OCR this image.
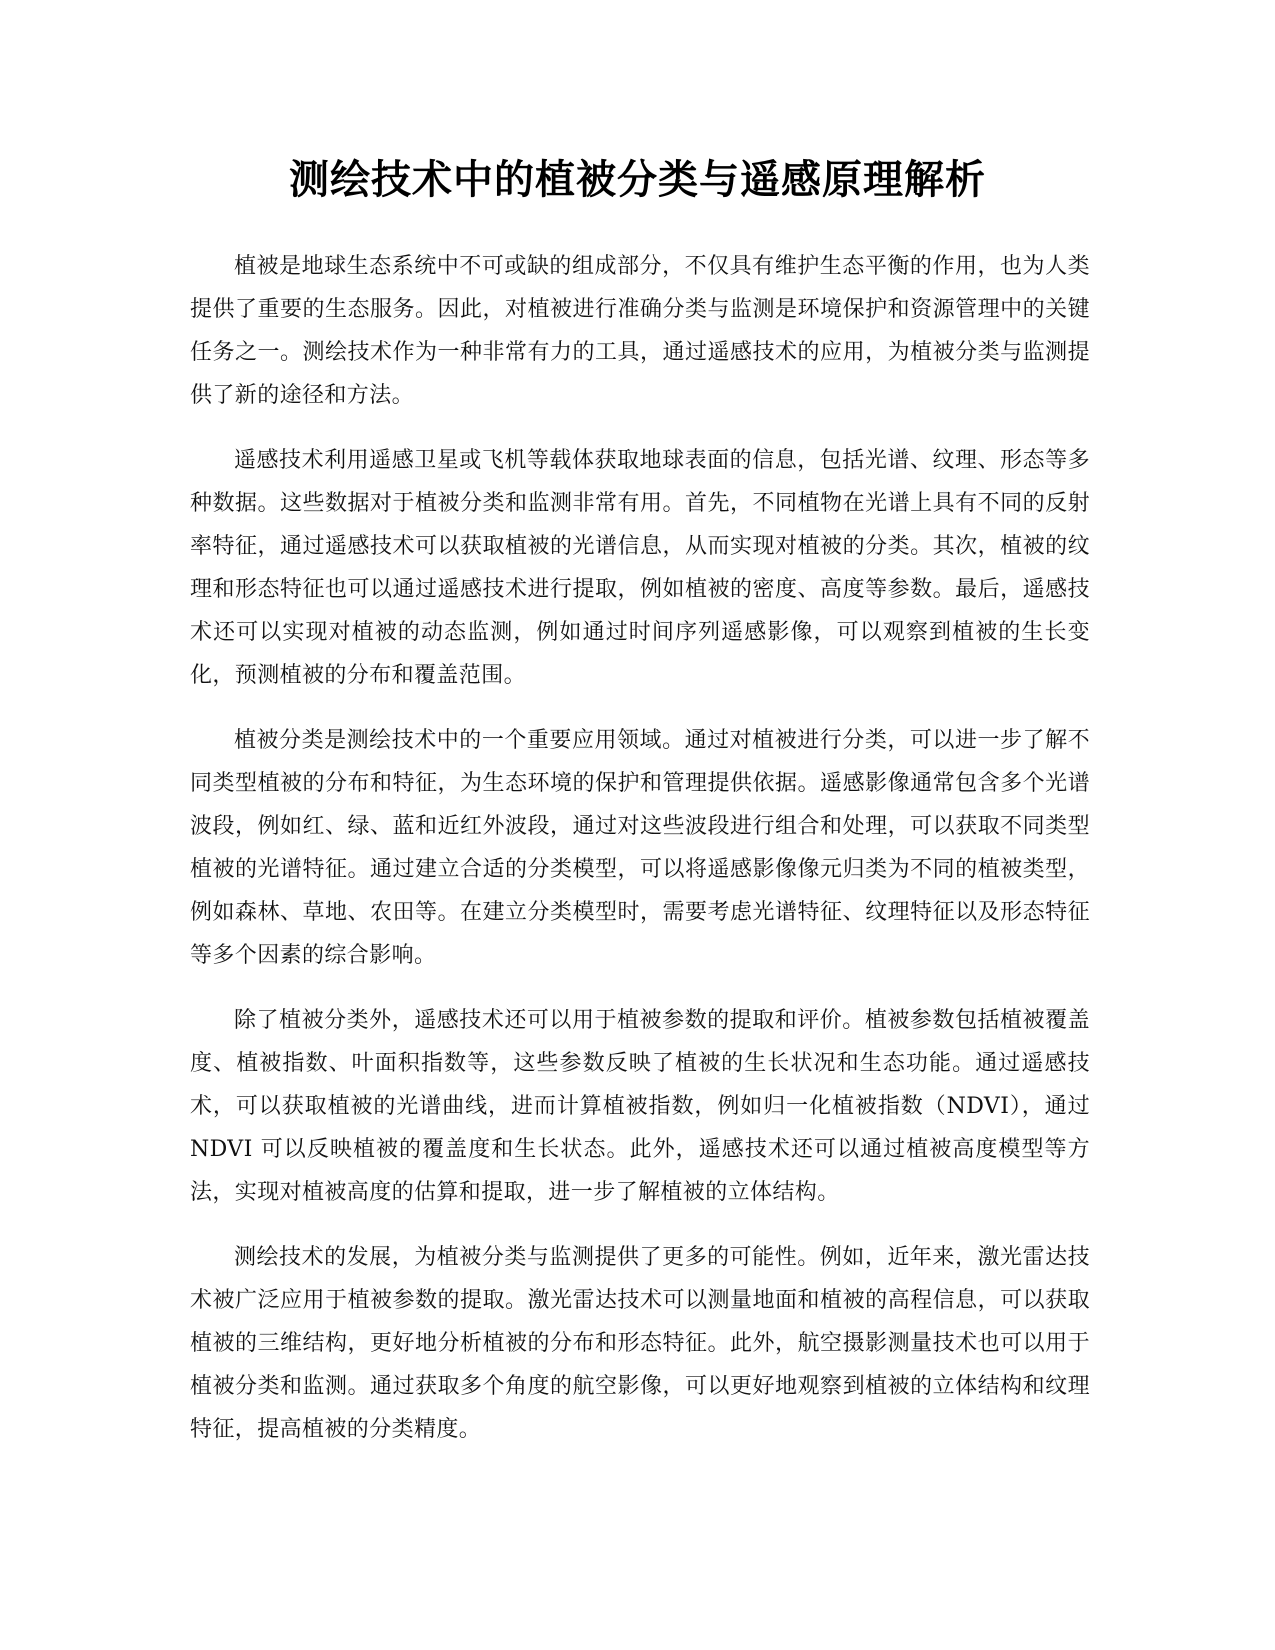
测绘技术中的植被分类与遥感原理解析

植被是地球生态系统中不可或缺的组成部分，不仅具有维护生态平衡的作用，也为人类提供了重要的生态服务。因此，对植被进行准确分类与监测是环境保护和资源管理中的关键任务之一。测绘技术作为一种非常有力的工具，通过遥感技术的应用，为植被分类与监测提供了新的途径和方法。

遥感技术利用遥感卫星或飞机等载体获取地球表面的信息，包括光谱、纹理、形态等多种数据。这些数据对于植被分类和监测非常有用。首先，不同植物在光谱上具有不同的反射率特征，通过遥感技术可以获取植被的光谱信息，从而实现对植被的分类。其次，植被的纹理和形态特征也可以通过遥感技术进行提取，例如植被的密度、高度等参数。最后，遥感技术还可以实现对植被的动态监测，例如通过时间序列遥感影像，可以观察到植被的生长变化，预测植被的分布和覆盖范围。

植被分类是测绘技术中的一个重要应用领域。通过对植被进行分类，可以进一步了解不同类型植被的分布和特征，为生态环境的保护和管理提供依据。遥感影像通常包含多个光谱波段，例如红、绿、蓝和近红外波段，通过对这些波段进行组合和处理，可以获取不同类型植被的光谱特征。通过建立合适的分类模型，可以将遥感影像像元归类为不同的植被类型，例如森林、草地、农田等。在建立分类模型时，需要考虑光谱特征、纹理特征以及形态特征等多个因素的综合影响。

除了植被分类外，遥感技术还可以用于植被参数的提取和评价。植被参数包括植被覆盖度、植被指数、叶面积指数等，这些参数反映了植被的生长状况和生态功能。通过遥感技术，可以获取植被的光谱曲线，进而计算植被指数，例如归一化植被指数（NDVI），通过 NDVI 可以反映植被的覆盖度和生长状态。此外，遥感技术还可以通过植被高度模型等方法，实现对植被高度的估算和提取，进一步了解植被的立体结构。

测绘技术的发展，为植被分类与监测提供了更多的可能性。例如，近年来，激光雷达技术被广泛应用于植被参数的提取。激光雷达技术可以测量地面和植被的高程信息，可以获取植被的三维结构，更好地分析植被的分布和形态特征。此外，航空摄影测量技术也可以用于植被分类和监测。通过获取多个角度的航空影像，可以更好地观察到植被的立体结构和纹理特征，提高植被的分类精度。
